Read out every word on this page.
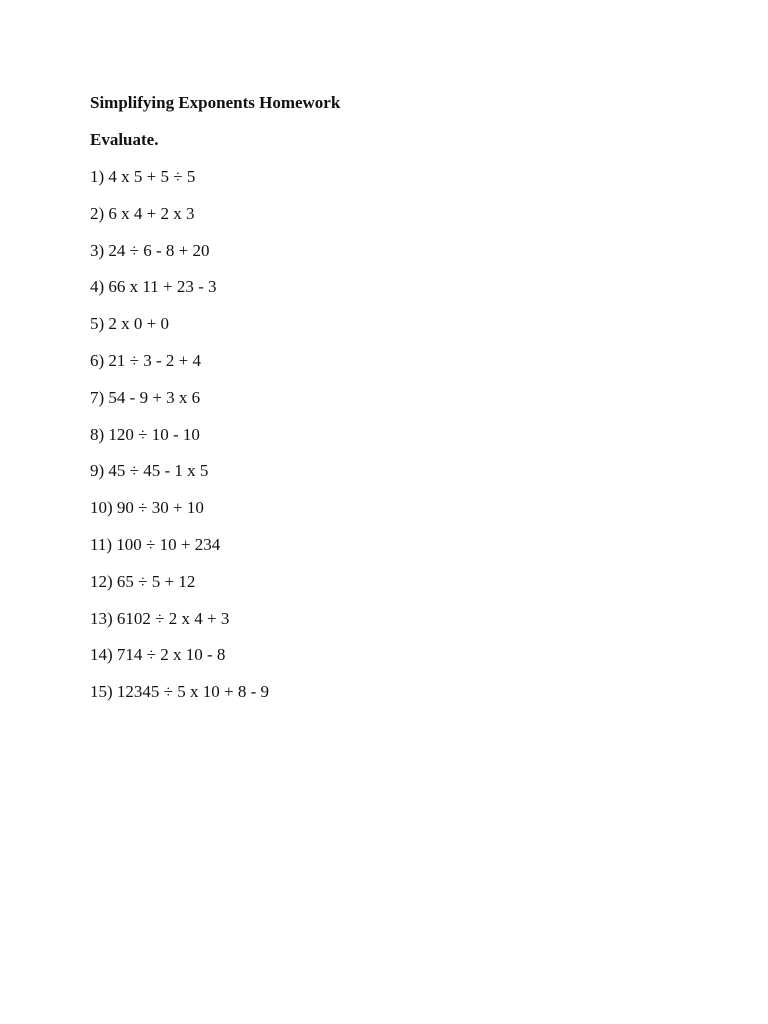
Simplifying Exponents Homework
Evaluate.
1) 4 x 5 + 5 ÷ 5
2) 6 x 4 + 2 x 3
3) 24 ÷ 6 - 8 + 20
4) 66 x 11 + 23 - 3
5) 2 x 0 + 0
6) 21 ÷ 3 - 2 + 4
7) 54 - 9 + 3 x 6
8) 120 ÷ 10 - 10
9) 45 ÷ 45 - 1 x 5
10) 90 ÷ 30 + 10
11) 100 ÷ 10 + 234
12) 65 ÷ 5 + 12
13) 6102 ÷ 2 x 4 + 3
14) 714 ÷ 2 x 10 - 8
15) 12345 ÷ 5 x 10 + 8 - 9
